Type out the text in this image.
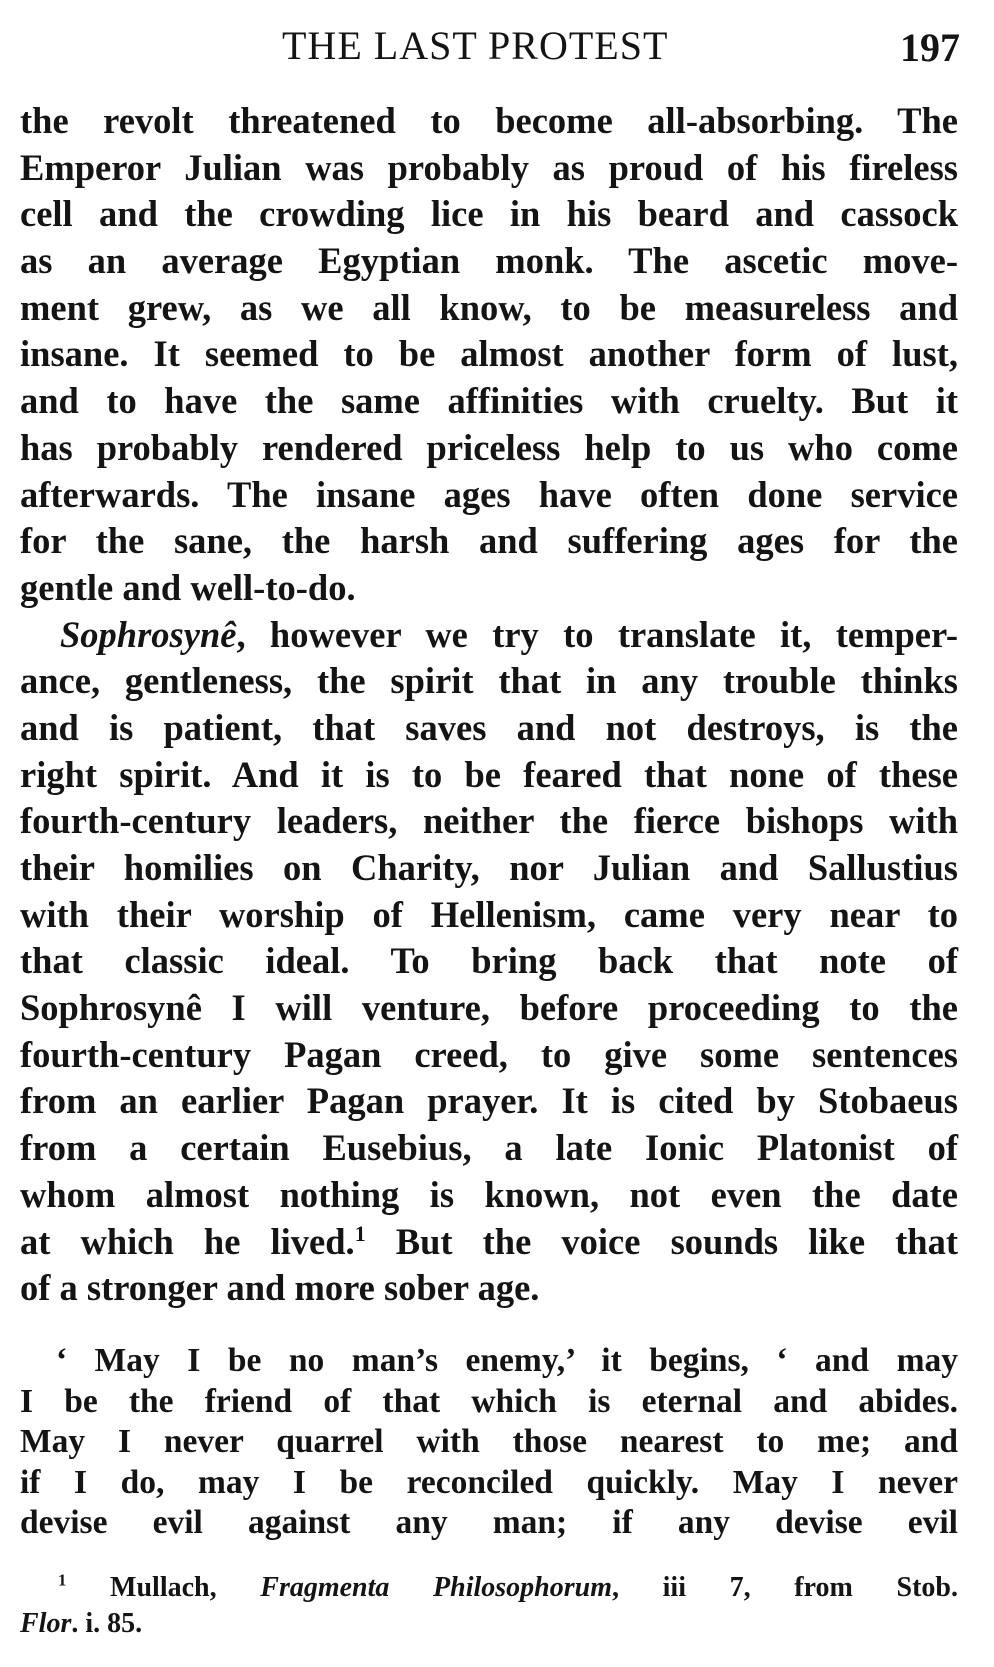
THE LAST PROTEST	197
the revolt threatened to become all-absorbing. The
Emperor Julian was probably as proud of his fireless
cell and the crowding lice in his beard and cassock
as an average Egyptian monk. The ascetic move-
ment grew, as we all know, to be measureless and
insane. It seemed to be almost another form of lust,
and to have the same affinities with cruelty. But it
has probably rendered priceless help to us who come
afterwards. The insane ages have often done service
for the sane, the harsh and suffering ages for the
gentle and well-to-do.
Sophrosynê, however we try to translate it, temper-
ance, gentleness, the spirit that in any trouble thinks
and is patient, that saves and not destroys, is the
right spirit. And it is to be feared that none of these
fourth-century leaders, neither the fierce bishops with
their homilies on Charity, nor Julian and Sallustius
with their worship of Hellenism, came very near to
that classic ideal. To bring back that note of
Sophrosynê I will venture, before proceeding to the
fourth-century Pagan creed, to give some sentences
from an earlier Pagan prayer. It is cited by Stobaeus
from a certain Eusebius, a late Ionic Platonist of
whom almost nothing is known, not even the date
at which he lived.$^1$ But the voice sounds like that
of a stronger and more sober age.
‘ May I be no man’s enemy,’ it begins, ‘ and may
I be the friend of that which is eternal and abides.
May I never quarrel with those nearest to me; and
if I do, may I be reconciled quickly. May I never
devise evil against any man; if any devise evil
$^1$ Mullach, Fragmenta Philosophorum, iii 7, from Stob.
Flor. i. 85.
